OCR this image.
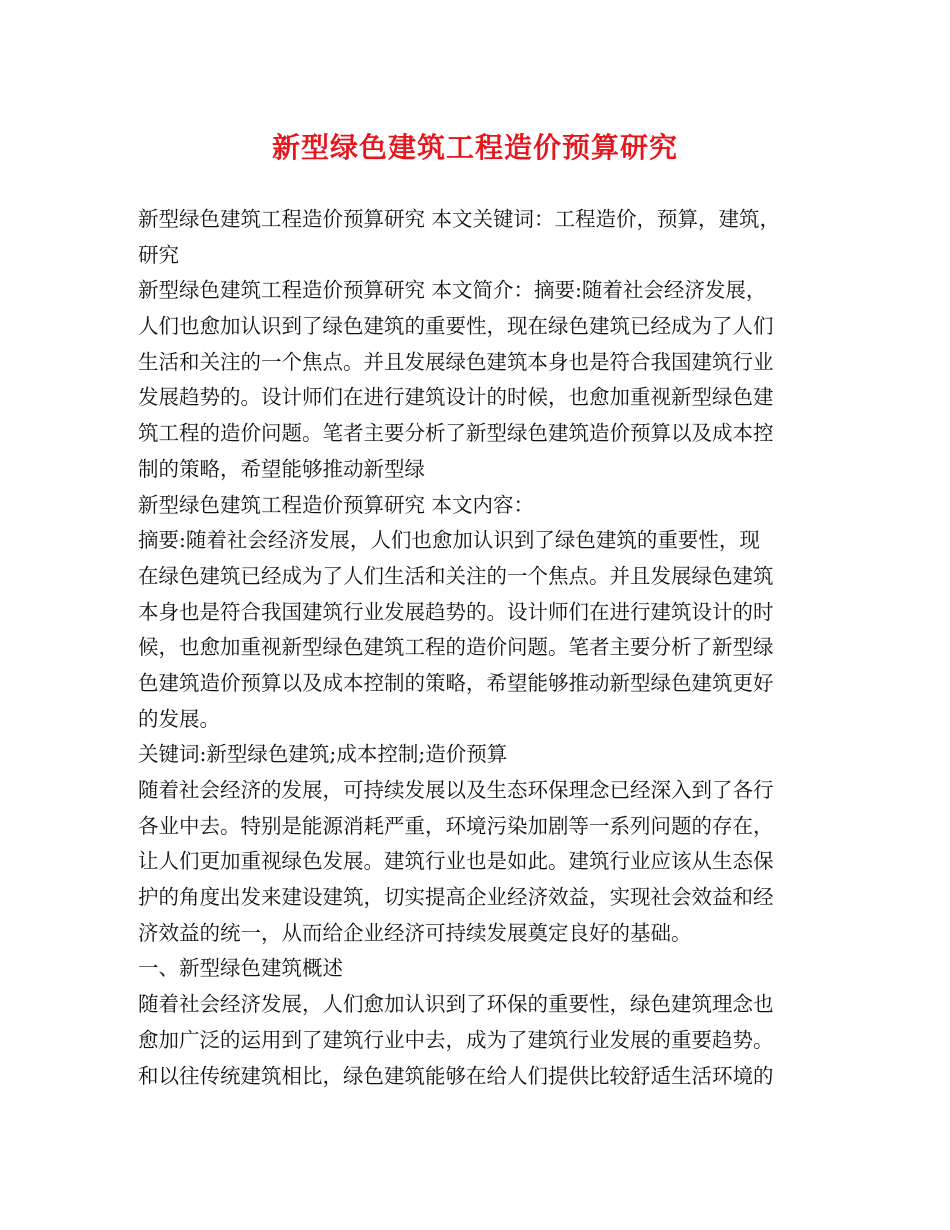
新型绿色建筑工程造价预算研究
新型绿色建筑工程造价预算研究 本文关键词：工程造价，预算，建筑，
研究
新型绿色建筑工程造价预算研究 本文简介：摘要:随着社会经济发展，
人们也愈加认识到了绿色建筑的重要性，现在绿色建筑已经成为了人们
生活和关注的一个焦点。并且发展绿色建筑本身也是符合我国建筑行业
发展趋势的。设计师们在进行建筑设计的时候，也愈加重视新型绿色建
筑工程的造价问题。笔者主要分析了新型绿色建筑造价预算以及成本控
制的策略，希望能够推动新型绿
新型绿色建筑工程造价预算研究 本文内容：
摘要:随着社会经济发展，人们也愈加认识到了绿色建筑的重要性，现
在绿色建筑已经成为了人们生活和关注的一个焦点。并且发展绿色建筑
本身也是符合我国建筑行业发展趋势的。设计师们在进行建筑设计的时
候，也愈加重视新型绿色建筑工程的造价问题。笔者主要分析了新型绿
色建筑造价预算以及成本控制的策略，希望能够推动新型绿色建筑更好
的发展。
关键词:新型绿色建筑;成本控制;造价预算
随着社会经济的发展，可持续发展以及生态环保理念已经深入到了各行
各业中去。特别是能源消耗严重，环境污染加剧等一系列问题的存在，
让人们更加重视绿色发展。建筑行业也是如此。建筑行业应该从生态保
护的角度出发来建设建筑，切实提高企业经济效益，实现社会效益和经
济效益的统一，从而给企业经济可持续发展奠定良好的基础。
一、新型绿色建筑概述
随着社会经济发展，人们愈加认识到了环保的重要性，绿色建筑理念也
愈加广泛的运用到了建筑行业中去，成为了建筑行业发展的重要趋势。
和以往传统建筑相比，绿色建筑能够在给人们提供比较舒适生活环境的
